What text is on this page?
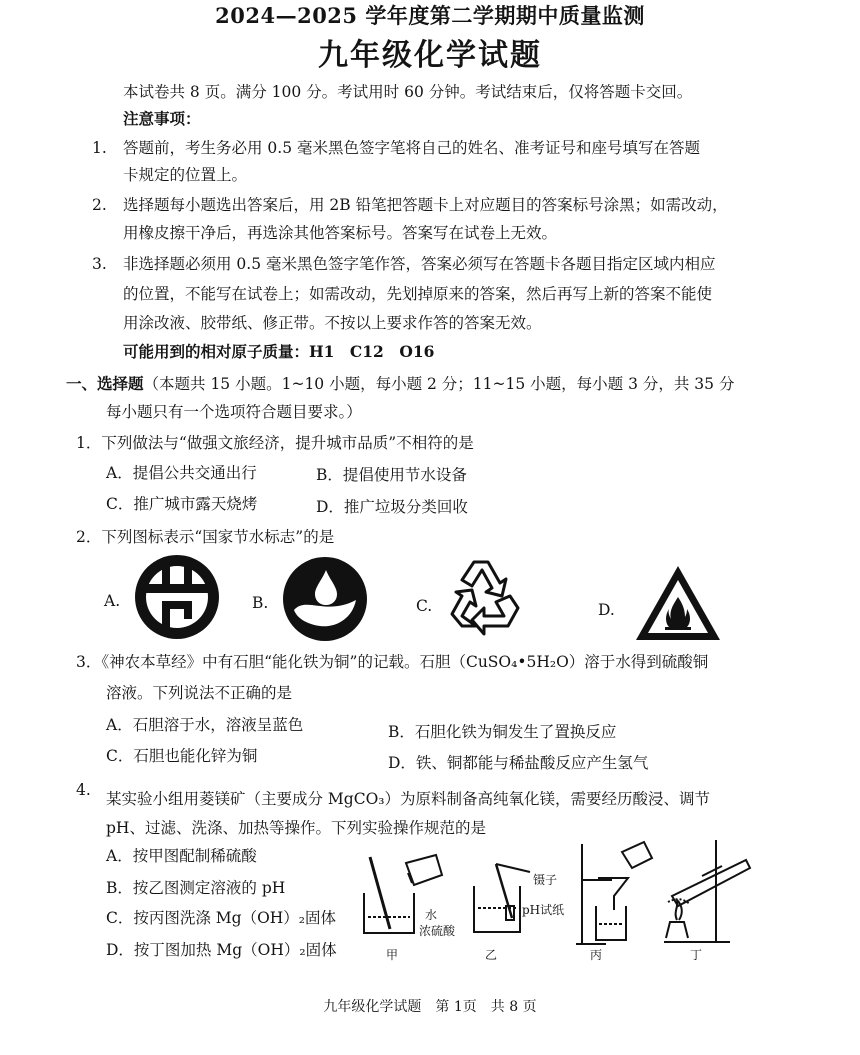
2024—2025 学年度第二学期期中质量监测
九年级化学试题
本试卷共 8 页。满分 100 分。考试用时 60 分钟。考试结束后，仅将答题卡交回。
注意事项：
1. 答题前，考生务必用 0.5 毫米黑色签字笔将自己的姓名、准考证号和座号填写在答题
卡规定的位置上。
2. 选择题每小题选出答案后，用 2B 铅笔把答题卡上对应题目的答案标号涂黑；如需改动，
用橡皮擦干净后，再选涂其他答案标号。答案写在试卷上无效。
3. 非选择题必须用 0.5 毫米黑色签字笔作答，答案必须写在答题卡各题目指定区域内相应
的位置，不能写在试卷上；如需改动，先划掉原来的答案，然后再写上新的答案不能使
用涂改液、胶带纸、修正带。不按以上要求作答的答案无效。
可能用到的相对原子质量：H1　C12　O16
一、选择题（本题共 15 小题。1~10 小题，每小题 2 分；11~15 小题，每小题 3 分，共 35 分
每小题只有一个选项符合题目要求。）
1．下列做法与“做强文旅经济，提升城市品质”不相符的是
A．提倡公共交通出行	B．提倡使用节水设备
C．推广城市露天烧烤	D．推广垃圾分类回收
2．下列图标表示“国家节水标志”的是
A.	B.	C.	D.
3．《神农本草经》中有石胆“能化铁为铜”的记载。石胆（CuSO₄•5H₂O）溶于水得到硫酸铜
溶液。下列说法不正确的是
A．石胆溶于水，溶液呈蓝色	B．石胆化铁为铜发生了置换反应
C．石胆也能化锌为铜	D．铁、铜都能与稀盐酸反应产生氢气
4. 某实验小组用菱镁矿（主要成分 MgCO₃）为原料制备高纯氧化镁，需要经历酸浸、调节
pH、过滤、洗涤、加热等操作。下列实验操作规范的是
A．按甲图配制稀硫酸
B．按乙图测定溶液的 pH
C．按丙图洗涤 Mg（OH）₂固体
D．按丁图加热 Mg（OH）₂固体
水
浓硫酸
甲
镊子
pH试纸
乙	丙	丁
九年级化学试题　第 1页　共 8 页
